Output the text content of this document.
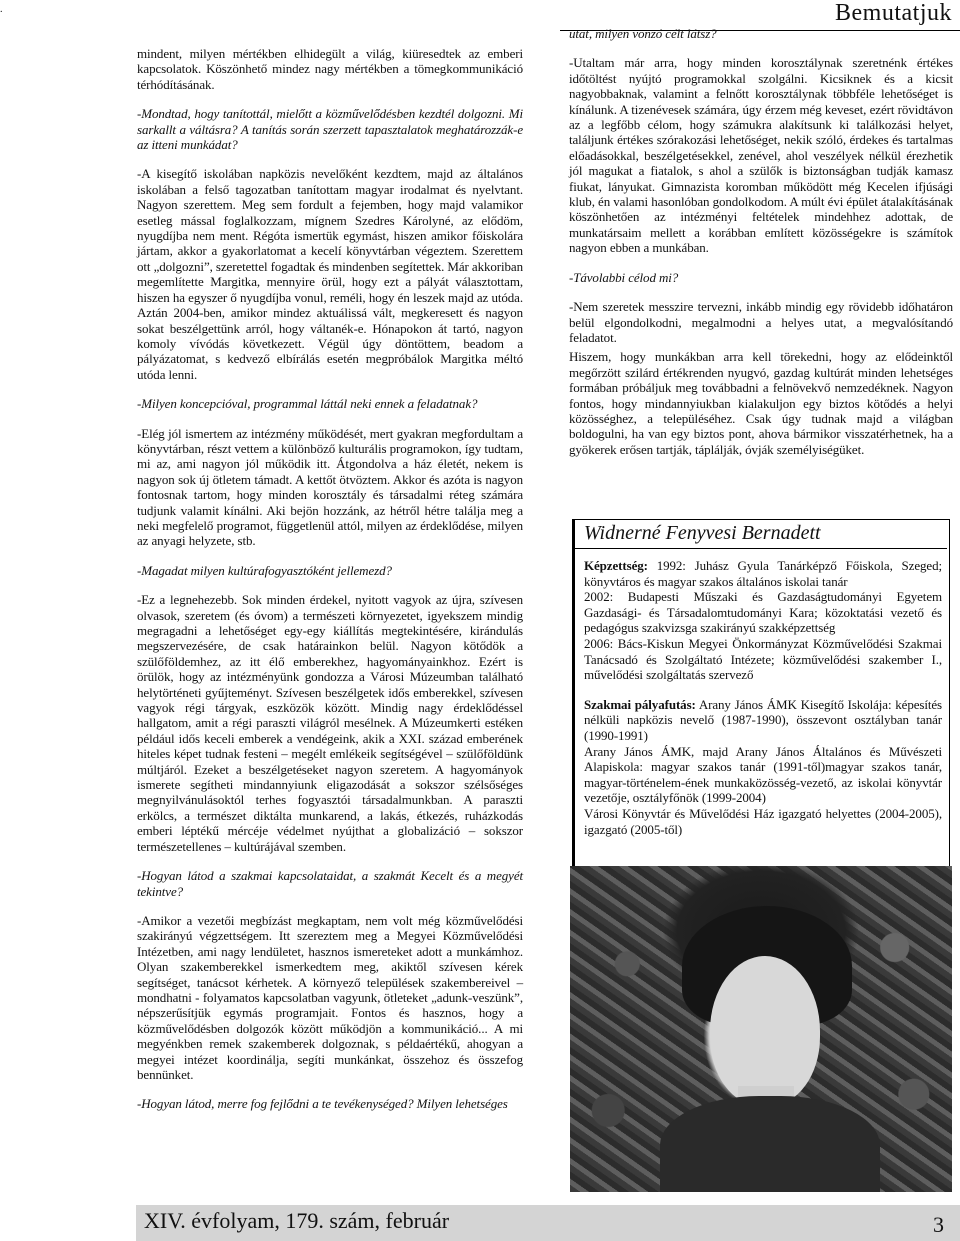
.	Bemutatjuk

mindent, milyen mértékben elhidegült a világ, kiüresedtek az emberi kapcsolatok. Köszönhető mindez nagy mértékben a tömegkommunikáció térhódításának.

-Mondtad, hogy tanítottál, mielőtt a közművelődésben kezdtél dolgozni. Mi sarkallt a váltásra? A tanítás során szerzett tapasztalatok meghatározzák-e az itteni munkádat?

-A kisegítő iskolában napközis nevelőként kezdtem, majd az általános iskolában a felső tagozatban tanítottam magyar irodalmat és nyelvtant. Nagyon szerettem. Meg sem fordult a fejemben, hogy majd valamikor esetleg mással foglalkozzam, mígnem Szedres Károlyné, az elődöm, nyugdíjba nem ment. Régóta ismertük egymást, hiszen amikor főiskolára jártam, akkor a gyakorlatomat a kecelí könyvtárban végeztem. Szerettem ott „dolgozni”, szeretettel fogadtak és mindenben segítettek. Már akkoriban megemlítette Margitka, mennyire örül, hogy ezt a pályát választottam, hiszen ha egyszer ő nyugdíjba vonul, reméli, hogy én leszek majd az utóda. Aztán 2004-ben, amikor mindez aktuálissá vált, megkeresett és nagyon sokat beszélgettünk arról, hogy váltanék-e. Hónapokon át tartó, nagyon komoly vívódás következett. Végül úgy döntöttem, beadom a pályázatomat, s kedvező elbírálás esetén megpróbálok Margitka méltó utóda lenni.

-Milyen koncepcióval, programmal láttál neki ennek a feladatnak?

-Elég jól ismertem az intézmény működését, mert gyakran megfordultam a könyvtárban, részt vettem a különböző kulturális programokon, így tudtam, mi az, ami nagyon jól működik itt. Átgondolva a ház életét, nekem is nagyon sok új ötletem támadt. A kettőt ötvöztem. Akkor és azóta is nagyon fontosnak tartom, hogy minden korosztály és társadalmi réteg számára tudjunk valamit kínálni. Aki bejön hozzánk, az hétről hétre találja meg a neki megfelelő programot, függetlenül attól, milyen az érdeklődése, milyen az anyagi helyzete, stb.

-Magadat milyen kultúrafogyasztóként jellemezd?

-Ez a legnehezebb. Sok minden érdekel, nyitott vagyok az újra, szívesen olvasok, szeretem (és óvom) a természeti környezetet, igyekszem mindig megragadni a lehetőséget egy-egy kiállítás megtekintésére, kirándulás megszervezésére, de csak határainkon belül. Nagyon kötődök a szülőföldemhez, az itt élő emberekhez, hagyományainkhoz. Ezért is örülök, hogy az intézményünk gondozza a Városi Múzeumban található helytörténeti gyűjteményt. Szívesen beszélgetek idős emberekkel, szívesen vagyok régi tárgyak, eszközök között. Mindig nagy érdeklődéssel hallgatom, amit a régi paraszti világról mesélnek. A Múzeumkerti estéken például idős keceli emberek a vendégeink, akik a XXI. század emberének hiteles képet tudnak festeni – megélt emlékeik segítségével – szülőföldünk múltjáról. Ezeket a beszélgetéseket nagyon szeretem. A hagyományok ismerete segítheti mindannyiunk eligazodását a sokszor szélsőséges megnyilvánulásoktól terhes fogyasztói társadalmunkban. A paraszti erkölcs, a természet diktálta munkarend, a lakás, étkezés, ruházkodás emberi léptékű mércéje védelmet nyújthat a globalizáció – sokszor természetellenes – kultúrájával szemben.

-Hogyan látod a szakmai kapcsolataidat, a szakmát Kecelt és a megyét tekintve?

-Amikor a vezetői megbízást megkaptam, nem volt még közművelődési szakirányú végzettségem. Itt szereztem meg a Megyei Közművelődési Intézetben, ami nagy lendületet, hasznos ismereteket adott a munkámhoz. Olyan szakemberekkel ismerkedtem meg, akiktől szívesen kérek segítséget, tanácsot kérhetek. A környező települések szakembereivel – mondhatni - folyamatos kapcsolatban vagyunk, ötleteket „adunk-veszünk”, népszerűsítjük egymás programjait. Fontos és hasznos, hogy a közművelődésben dolgozók között működjön a kommunikáció... A mi megyénkben remek szakemberek dolgoznak, s példaértékű, ahogyan a megyei intézet koordinálja, segíti munkánkat, összehoz és összefog bennünket.

-Hogyan látod, merre fog fejlődni a te tevékenységed? Milyen lehetséges

utat, milyen vonzó célt látsz?

-Utaltam már arra, hogy minden korosztálynak szeretnénk értékes időtöltést nyújtó programokkal szolgálni. Kicsiknek és a kicsit nagyobbaknak, valamint a felnőtt korosztálynak többféle lehetőséget is kínálunk. A tizenévesek számára, úgy érzem még keveset, ezért rövidtávon az a legfőbb célom, hogy számukra alakítsunk ki találkozási helyet, találjunk értékes szórakozási lehetőséget, nekik szóló, érdekes és tartalmas előadásokkal, beszélgetésekkel, zenével, ahol veszélyek nélkül érezhetik jól magukat a fiatalok, s ahol a szülők is biztonságban tudják kamasz fiukat, lányukat. Gimnazista koromban működött még Kecelen ifjúsági klub, én valami hasonlóban gondolkodom. A múlt évi épület átalakításának köszönhetően az intézményi feltételek mindehhez adottak, de munkatársaim mellett a korábban említett közösségekre is számítok nagyon ebben a munkában.

-Távolabbi célod mi?

-Nem szeretek messzire tervezni, inkább mindig egy rövidebb időhatáron belül elgondolkodni, megalmodni a helyes utat, a megvalósítandó feladatot.

Hiszem, hogy munkákban arra kell törekedni, hogy az elődeinktől megőrzött szilárd értékrenden nyugvó, gazdag kultúrát minden lehetséges formában próbáljuk meg továbbadni a felnövekvő nemzedéknek. Nagyon fontos, hogy mindannyiukban kialakuljon egy biztos kötődés a helyi közösséghez, a településéhez. Csak úgy tudnak majd a világban boldogulni, ha van egy biztos pont, ahova bármikor visszatérhetnek, ha a gyökerek erősen tartják, táplálják, óvják személyiségüket.

Widnerné Fenyvesi Bernadett

Képzettség: 1992: Juhász Gyula Tanárképző Főiskola, Szeged; könyvtáros és magyar szakos általános iskolai tanár

2002: Budapesti Műszaki és Gazdaságtudományi Egyetem Gazdasági- és Társadalomtudományi Kara; közoktatási vezető és pedagógus szakvizsga szakirányú szakképzettség

2006: Bács-Kiskun Megyei Önkormányzat Közművelődési Szakmai Tanácsadó és Szolgáltató Intézete; közművelődési szakember I., művelődési szolgáltatás szervező

Szakmai pályafutás: Arany János ÁMK Kisegítő Iskolája: képesítés nélküli napközis nevelő (1987-1990), összevont osztályban tanár (1990-1991)

Arany János ÁMK, majd Arany János Általános és Művészeti Alapiskola: magyar szakos tanár (1991-től)magyar szakos tanár, magyar-történelem-ének munkaközösség-vezető, az iskolai könyvtár vezetője, osztályfőnök (1999-2004)

Városi Könyvtár és Művelődési Ház igazgató helyettes (2004-2005), igazgató (2005-től)

XIV. évfolyam, 179. szám, február	3
